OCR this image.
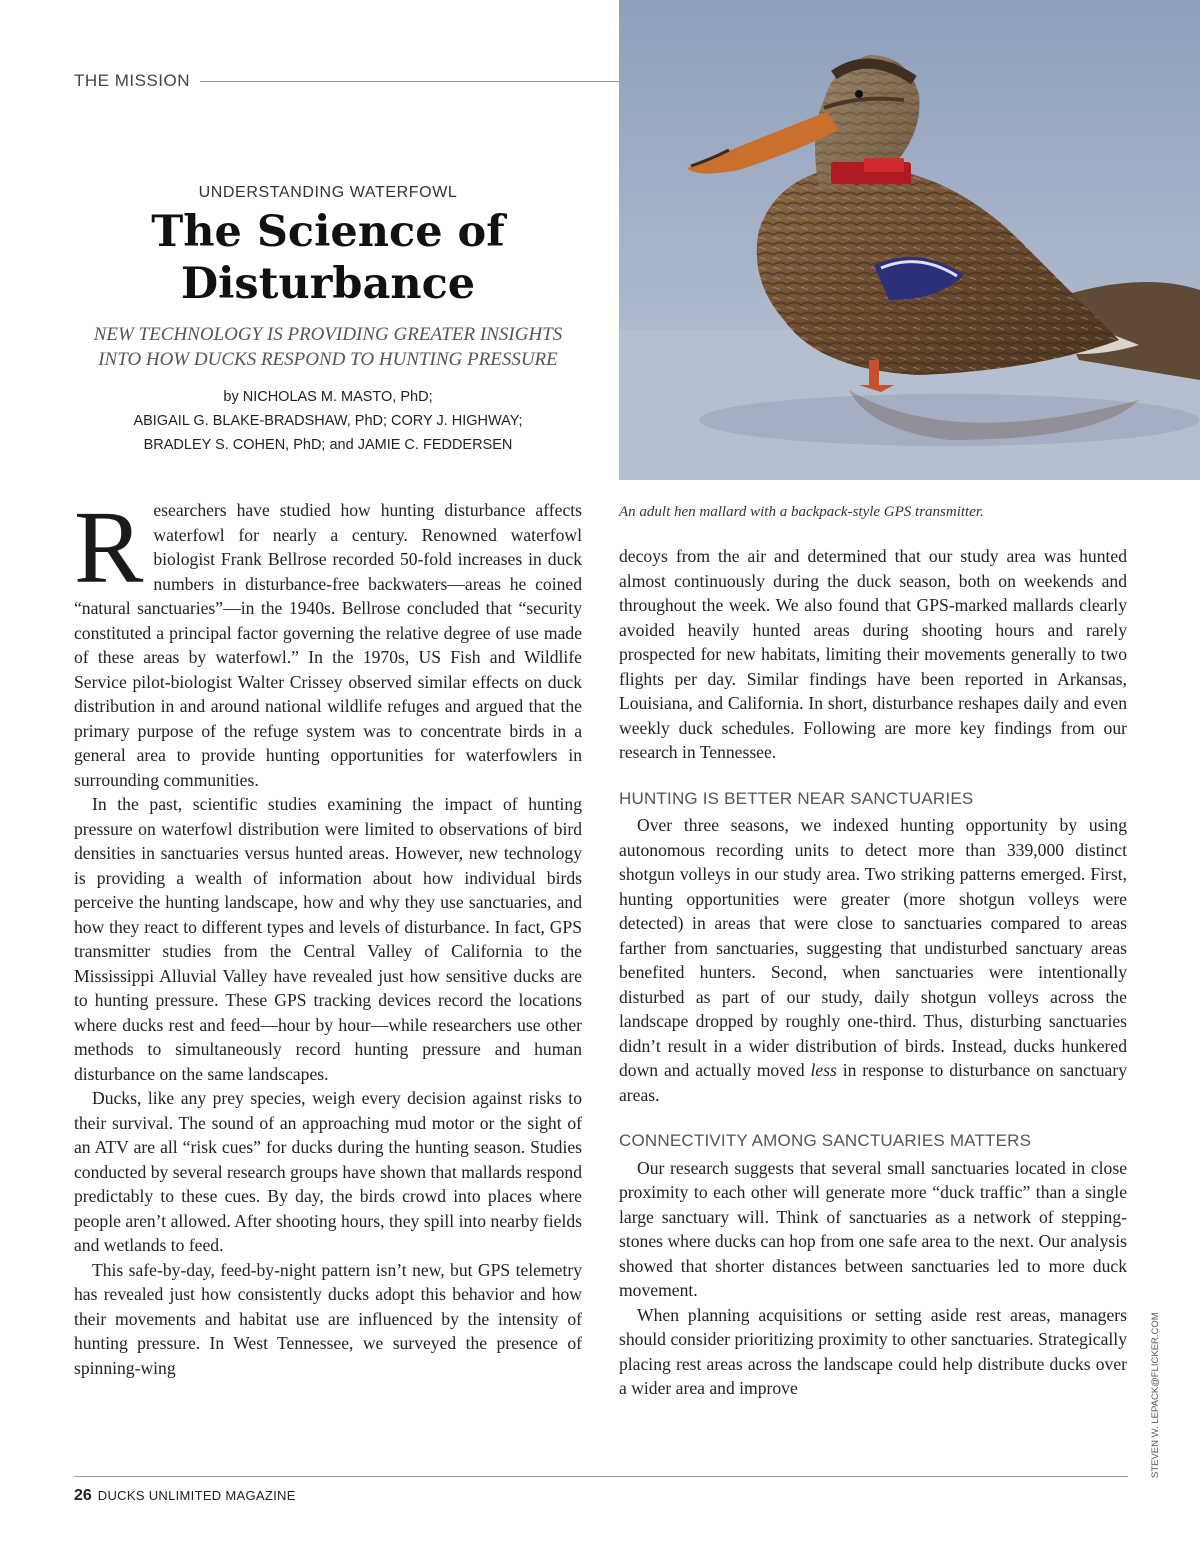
THE MISSION
UNDERSTANDING WATERFOWL
The Science of
Disturbance
NEW TECHNOLOGY IS PROVIDING GREATER INSIGHTS
INTO HOW DUCKS RESPOND TO HUNTING PRESSURE
by NICHOLAS M. MASTO, PhD;
ABIGAIL G. BLAKE-BRADSHAW, PhD; CORY J. HIGHWAY;
BRADLEY S. COHEN, PhD; and JAMIE C. FEDDERSEN

Researchers have studied how hunting disturbance affects waterfowl for nearly a century. Renowned waterfowl biologist Frank Bellrose recorded 50-fold increases in duck numbers in disturbance-free backwaters—areas he coined “natural sanctuaries”—in the 1940s. Bellrose concluded that “security constituted a principal factor governing the relative degree of use made of these areas by waterfowl.” In the 1970s, US Fish and Wildlife Service pilot-biologist Walter Crissey observed similar effects on duck distribution in and around national wildlife refuges and argued that the primary purpose of the refuge system was to concentrate birds in a general area to provide hunting opportunities for waterfowlers in surrounding communities.

In the past, scientific studies examining the impact of hunting pressure on waterfowl distribution were limited to observations of bird densities in sanctuaries versus hunted areas. However, new technology is providing a wealth of information about how individual birds perceive the hunting landscape, how and why they use sanctuaries, and how they react to different types and levels of disturbance. In fact, GPS transmitter studies from the Central Valley of California to the Mississippi Alluvial Valley have revealed just how sensitive ducks are to hunting pressure. These GPS tracking devices record the locations where ducks rest and feed—hour by hour—while researchers use other methods to simultaneously record hunting pressure and human disturbance on the same landscapes.

Ducks, like any prey species, weigh every decision against risks to their survival. The sound of an approaching mud motor or the sight of an ATV are all “risk cues” for ducks during the hunting season. Studies conducted by several research groups have shown that mallards respond predictably to these cues. By day, the birds crowd into places where people aren’t allowed. After shooting hours, they spill into nearby fields and wetlands to feed.

This safe-by-day, feed-by-night pattern isn’t new, but GPS telemetry has revealed just how consistently ducks adopt this behavior and how their movements and habitat use are influenced by the intensity of hunting pressure. In West Tennessee, we surveyed the presence of spinning-wing

An adult hen mallard with a backpack-style GPS transmitter.

decoys from the air and determined that our study area was hunted almost continuously during the duck season, both on weekends and throughout the week. We also found that GPS-marked mallards clearly avoided heavily hunted areas during shooting hours and rarely prospected for new habitats, limiting their movements generally to two flights per day. Similar findings have been reported in Arkansas, Louisiana, and California. In short, disturbance reshapes daily and even weekly duck schedules. Following are more key findings from our research in Tennessee.

HUNTING IS BETTER NEAR SANCTUARIES

Over three seasons, we indexed hunting opportunity by using autonomous recording units to detect more than 339,000 distinct shotgun volleys in our study area. Two striking patterns emerged. First, hunting opportunities were greater (more shotgun volleys were detected) in areas that were close to sanctuaries compared to areas farther from sanctuaries, suggesting that undisturbed sanctuary areas benefited hunters. Second, when sanctuaries were intentionally disturbed as part of our study, daily shotgun volleys across the landscape dropped by roughly one-third. Thus, disturbing sanctuaries didn’t result in a wider distribution of birds. Instead, ducks hunkered down and actually moved less in response to disturbance on sanctuary areas.

CONNECTIVITY AMONG SANCTUARIES MATTERS

Our research suggests that several small sanctuaries located in close proximity to each other will generate more “duck traffic” than a single large sanctuary will. Think of sanctuaries as a network of stepping-stones where ducks can hop from one safe area to the next. Our analysis showed that shorter distances between sanctuaries led to more duck movement.

When planning acquisitions or setting aside rest areas, managers should consider prioritizing proximity to other sanctuaries. Strategically placing rest areas across the landscape could help distribute ducks over a wider area and improve	STEVEN W. LEPACK@FLICKER.COM
26 DUCKS UNLIMITED MAGAZINE
